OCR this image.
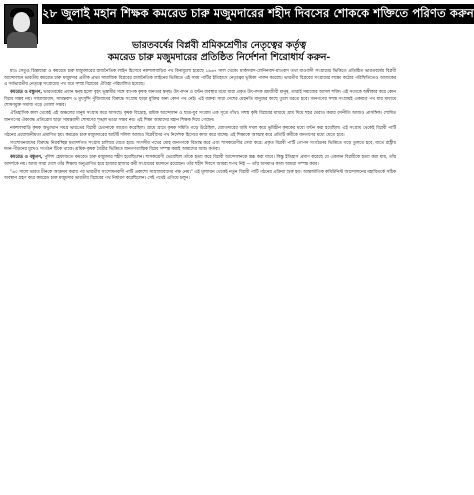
২৮ জুলাই মহান শিক্ষক কমরেড চারু মজুমদারের শহীদ দিবসের শোককে শক্তিতে পরিণত করুন
ভারতবর্ষের বিপ্লবী শ্রমিকশ্রেণীর নেতৃত্বের কর্তৃত্ব
কমরেড চারু মজুমদারের প্রতিষ্ঠিত নির্দেশনা শিরোধার্য করুন-

মাও সেতুঙ চিন্তাধারা ও কমরেড চারু মজুমদারের রাজনৈতিক লাইন হিসেবে নকশালবাড়ির পথ বিনামূল্যে হয়েছে ১৯৬৭ সাল থেকে। মার্কসবাদ-লেনিনবাদ-মাওবাদ তথা মাওবাদী সংগ্রামের ভিত্তিতে প্রতিষ্ঠিত ভারতবর্ষের বিপ্লবী আন্দোলনে ভারতীয় কমরেড চারু মজুমদার প্রতীক প্রথম সামাজিক বিপ্লবের রাজনৈতিক লাইনের ভিত্তিতে এই সময় পার্টির ইতিহাসে নেতৃত্বের ভূমিকা পালন করেছে। ভারতীয় বিপ্লবের সংগ্রামের লক্ষ্যে কঠোর পরিস্থিতিতেও আজকের এ সর্বভারতীয় নেতৃত্বে সংগ্রামের পথ ধরে সশস্ত্র বিপ্লবের ঐতিহ্য পরিচালিত হয়েছে।

কমরেড ও বন্ধুগণ, ভারতবর্ষের প্রধান দ্বন্দ্ব হলো বৃহৎ ভূস্বামীর সঙ্গে ব্যাপক কৃষক জনতার দ্বন্দ্ব। উৎপাদন ও বণ্টন ব্যবস্থার মধ্যে যারা প্রকৃত উৎপাদক শ্রমজীবী মানুষ, তারাই সমাজের আসল শক্তি। এই সত্যকে অস্বীকার করে কোন বিপ্লব সম্ভব নয়। সাম্রাজ্যবাদ, সামন্তবাদ ও মুৎসুদ্দি পুঁজিবাদের বিরুদ্ধে সংগ্রাম ছাড়া মুক্তির অন্য কোন পথ নেই। এই বক্তব্য সারা দেশের মেহনতি মানুষের কাছে তুলে ধরতে হবে। জনগণের সশস্ত্র সংগ্রামই একমাত্র পথ যার মাধ্যমে শোষণমুক্ত সমাজ গড়ে তোলা সম্ভব।

ঐতিহাসিক কাল থেকেই এই অঞ্চলের মানুষ সংগ্রাম করে আসছে। কৃষক বিদ্রোহ, শ্রমিক আন্দোলন ও ছাত্র-যুব সংগ্রাম এক সূত্রে গাঁথা। সশস্ত্র কৃষি বিপ্লবের মাধ্যমে গ্রাম দিয়ে শহর ঘেরাও করার রণনীতি আজও প্রাসঙ্গিক। শোষিত জনগণের ঐক্যবদ্ধ প্রতিরোধ ছাড়া সামন্তবাদী শোষণের শৃঙ্খল ভাঙা সম্ভব নয়। এই শিক্ষা আমাদের মহান শিক্ষক দিয়ে গেছেন।

নকশালবাড়ি কৃষক অভ্যুত্থান সমগ্র ভারতের বিপ্লবী চেতনাকে জাগ্রত করেছিল। গ্রামে গ্রামে কৃষক সমিতি গড়ে উঠেছিল, জোতদারের জমি দখল করে ভূমিহীন কৃষকের মধ্যে বণ্টন করা হয়েছিল। এই সংগ্রাম থেকেই বিপ্লবী পার্টি গঠনের প্রয়োজনীয়তা প্রমাণিত হয়। কমরেড চারু মজুমদারের আটটি দলিল আজও বিপ্লবীদের পথ নির্দেশক হিসেবে কাজ করে যাচ্ছে। এই শিক্ষাকে আত্মস্থ করে প্রতিটি কর্মীকে জনগণের মধ্যে যেতে হবে।

সংশোধনবাদের বিরুদ্ধে নিরবচ্ছিন্ন মতাদর্শগত সংগ্রাম চালিয়ে যেতে হবে। সংসদীয় পথের মোহ জনগণকে বিভ্রান্ত করে এবং শাসকশ্রেণীর সেবা করে। প্রকৃত বিপ্লবী পার্টি গোপন সংগঠনের ভিত্তিতে গড়ে তুলতে হবে, যাতে রাষ্ট্রীয় দমন-পীড়নের মুখেও সংগঠন টিকে থাকে। শ্রমিক-কৃষক মৈত্রীর ভিত্তিতে জনগণতান্ত্রিক বিপ্লব সম্পন্ন করাই আমাদের আশু কর্তব্য।

কমরেড ও বন্ধুগণ, পুলিশ হেফাজতে কমরেড চারু মজুমদার শহীদ হয়েছিলেন। শাসকশ্রেণী ভেবেছিল তাঁকে হত্যা করে বিপ্লবী আন্দোলনকে স্তব্ধ করা যাবে। কিন্তু ইতিহাস প্রমাণ করেছে যে একজন বিপ্লবীকে হত্যা করা যায়, তাঁর আদর্শকে নয়। আজ সারা দেশে তাঁর শিক্ষায় অনুপ্রাণিত হয়ে হাজার হাজার কর্মী সংগ্রামের ময়দানে রয়েছেন। তাঁর শহীদ দিবসে আমরা শপথ নিই — তাঁর অসমাপ্ত কাজ আমরা সম্পন্ন করব।

"৬০ সালে ভারত চীনকে আক্রমণ করার পর ভারতীয় সংশোধনবাদী পার্টি প্রকাশ্যে সাম্রাজ্যবাদের পক্ষ নেয়।" এই মূল্যায়ন থেকেই নতুন বিপ্লবী পার্টি গঠনের প্রক্রিয়া শুরু হয়। আন্তর্জাতিক কমিউনিস্ট আন্দোলনের মহাবিতর্কে সঠিক অবস্থান গ্রহণ করে কমরেড চারু মজুমদার ভারতীয় বিপ্লবের পথ নির্ধারণ করেছিলেন। সেই পথেই এগিয়ে চলুন।
